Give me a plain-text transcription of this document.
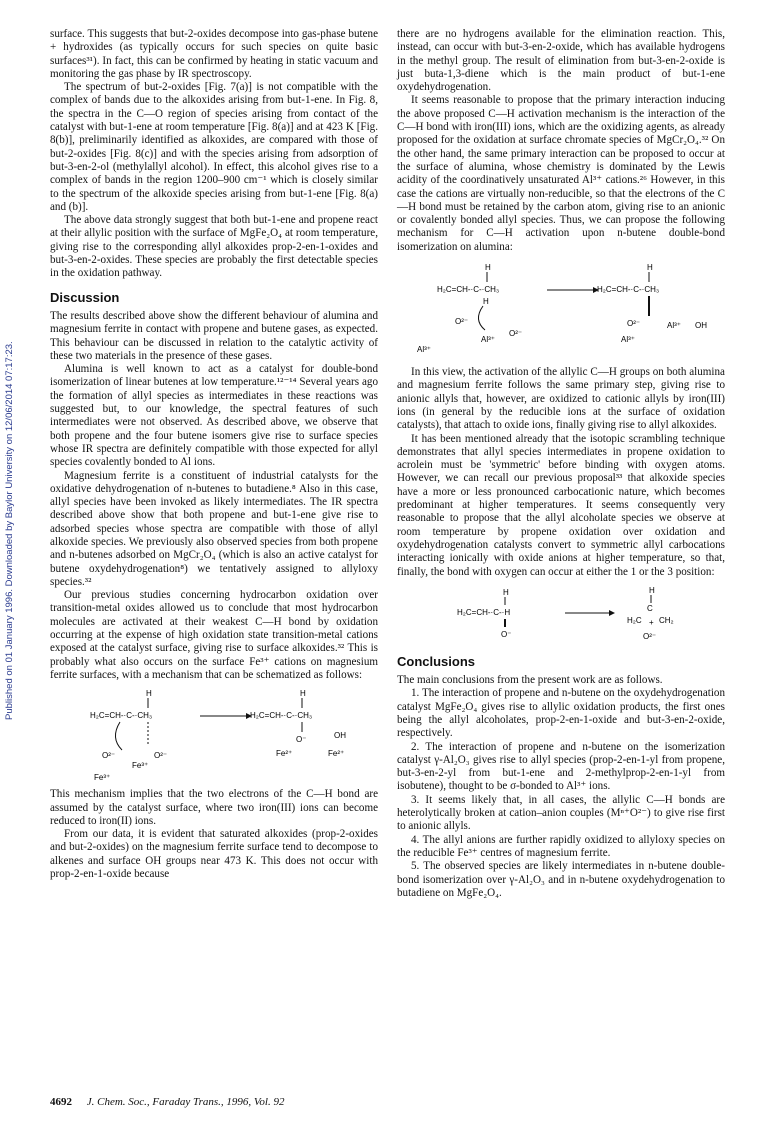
Published on 01 January 1996. Downloaded by Baylor University on 12/06/2014 07:17:23.

surface. This suggests that but-2-oxides decompose into gas-phase butene + hydroxides (as typically occurs for such species on quite basic surfaces³¹). In fact, this can be confirmed by heating in static vacuum and monitoring the gas phase by IR spectroscopy.

The spectrum of but-2-oxides [Fig. 7(a)] is not compatible with the complex of bands due to the alkoxides arising from but-1-ene. In Fig. 8, the spectra in the C—O region of species arising from contact of the catalyst with but-1-ene at room temperature [Fig. 8(a)] and at 423 K [Fig. 8(b)], preliminarily identified as alkoxides, are compared with those of but-2-oxides [Fig. 8(c)] and with the species arising from adsorption of but-3-en-2-ol (methylallyl alcohol). In effect, this alcohol gives rise to a complex of bands in the region 1200–900 cm⁻¹ which is closely similar to the spectrum of the alkoxide species arising from but-1-ene [Fig. 8(a) and (b)].

The above data strongly suggest that both but-1-ene and propene react at their allylic position with the surface of MgFe₂O₄ at room temperature, giving rise to the corresponding allyl alkoxides prop-2-en-1-oxides and but-3-en-2-oxides. These species are probably the first detectable species in the oxidation pathway.

Discussion

The results described above show the different behaviour of alumina and magnesium ferrite in contact with propene and butene gases, as expected. This behaviour can be discussed in relation to the catalytic activity of these two materials in the presence of these gases.

Alumina is well known to act as a catalyst for double-bond isomerization of linear butenes at low temperature.¹²⁻¹⁴ Several years ago the formation of allyl species as intermediates in these reactions was suggested but, to our knowledge, the spectral features of such intermediates were not observed. As described above, we observe that both propene and the four butene isomers give rise to surface species whose IR spectra are definitely compatible with those expected for allyl species covalently bonded to Al ions.

Magnesium ferrite is a constituent of industrial catalysts for the oxidative dehydrogenation of n-butenes to butadiene.⁸ Also in this case, allyl species have been invoked as likely intermediates. The IR spectra described above show that both propene and but-1-ene give rise to adsorbed species whose spectra are compatible with those of allyl alkoxide species. We previously also observed species from both propene and n-butenes adsorbed on MgCr₂O₄ (which is also an active catalyst for butene oxydehydrogenation⁸) we tentatively assigned to allyloxy species.³²

Our previous studies concerning hydrocarbon oxidation over transition-metal oxides allowed us to conclude that most hydrocarbon molecules are activated at their weakest C—H bond by oxidation occurring at the expense of high oxidation state transition-metal cations exposed at the catalyst surface, giving rise to surface alkoxides.³² This is probably what also occurs on the surface Fe³⁺ cations on magnesium ferrite surfaces, with a mechanism that can be schematized as follows:

H
H₂C=CH-·C-·CH₃
O²⁻	O²⁻
Fe³⁺
Fe³⁺
H
H₂C=CH-·C-·CH₃
O⁻	OH
Fe²⁺	Fe²⁺

This mechanism implies that the two electrons of the C—H bond are assumed by the catalyst surface, where two iron(III) ions can become reduced to iron(II) ions.

From our data, it is evident that saturated alkoxides (prop-2-oxides and but-2-oxides) on the magnesium ferrite surface tend to decompose to alkenes and surface OH groups near 473 K. This does not occur with prop-2-en-1-oxide because

there are no hydrogens available for the elimination reaction. This, instead, can occur with but-3-en-2-oxide, which has available hydrogens in the methyl group. The result of elimination from but-3-en-2-oxide is just buta-1,3-diene which is the main product of but-1-ene oxydehydrogenation.

It seems reasonable to propose that the primary interaction inducing the above proposed C—H activation mechanism is the interaction of the C—H bond with iron(III) ions, which are the oxidizing agents, as already proposed for the oxidation at surface chromate species of MgCr₂O₄.³² On the other hand, the same primary interaction can be proposed to occur at the surface of alumina, whose chemistry is dominated by the Lewis acidity of the coordinatively unsaturated Al³⁺ cations.²⁶ However, in this case the cations are virtually non-reducible, so that the electrons of the C—H bond must be retained by the carbon atom, giving rise to an anionic or covalently bonded allyl species. Thus, we can propose the following mechanism for C—H activation upon n-butene double-bond isomerization on alumina:

H
H₂C=CH-·C-·CH₃
H
O²⁻
O²⁻
Al³⁺
Al³⁺
H
H₂C=CH-·C-·CH₃
O²⁻	Al³⁺ OH
Al³⁺

In this view, the activation of the allylic C—H groups on both alumina and magnesium ferrite follows the same primary step, giving rise to anionic allyls that, however, are oxidized to cationic allyls by iron(III) ions (in general by the reducible ions at the surface of oxidation catalysts), that attach to oxide ions, finally giving rise to allyl alkoxides.

It has been mentioned already that the isotopic scrambling technique demonstrates that allyl species intermediates in propene oxidation to acrolein must be 'symmetric' before binding with oxygen atoms. However, we can recall our previous proposal³³ that alkoxide species have a more or less pronounced carbocationic nature, which becomes predominant at higher temperatures. It seems consequently very reasonable to propose that the allyl alcoholate species we observe at room temperature by propene oxidation over oxidation and oxydehydrogenation catalysts convert to symmetric allyl carbocations interacting ionically with oxide anions at higher temperature, so that, finally, the bond with oxygen can occur at either the 1 or the 3 position:

H
H₂C=CH-·C-·H
O⁻
H
C
H₂C CH₂
+
O²⁻
Conclusions

The main conclusions from the present work are as follows.

1. The interaction of propene and n-butene on the oxydehydrogenation catalyst MgFe₂O₄ gives rise to allylic oxidation products, the first ones being the allyl alcoholates, prop-2-en-1-oxide and but-3-en-2-oxide, respectively.

2. The interaction of propene and n-butene on the isomerization catalyst γ-Al₂O₃ gives rise to allyl species (prop-2-en-1-yl from propene, but-3-en-2-yl from but-1-ene and 2-methylprop-2-en-1-yl from isobutene), thought to be σ-bonded to Al³⁺ ions.

3. It seems likely that, in all cases, the allylic C—H bonds are heterolytically broken at cation–anion couples (Mⁿ⁺O²⁻) to give rise first to anionic allyls.

4. The allyl anions are further rapidly oxidized to allyloxy species on the reducible Fe³⁺ centres of magnesium ferrite.

5. The observed species are likely intermediates in n-butene double-bond isomerization over γ-Al₂O₃ and in n-butene oxydehydrogenation to butadiene on MgFe₂O₄.

4692 J. Chem. Soc., Faraday Trans., 1996, Vol. 92
